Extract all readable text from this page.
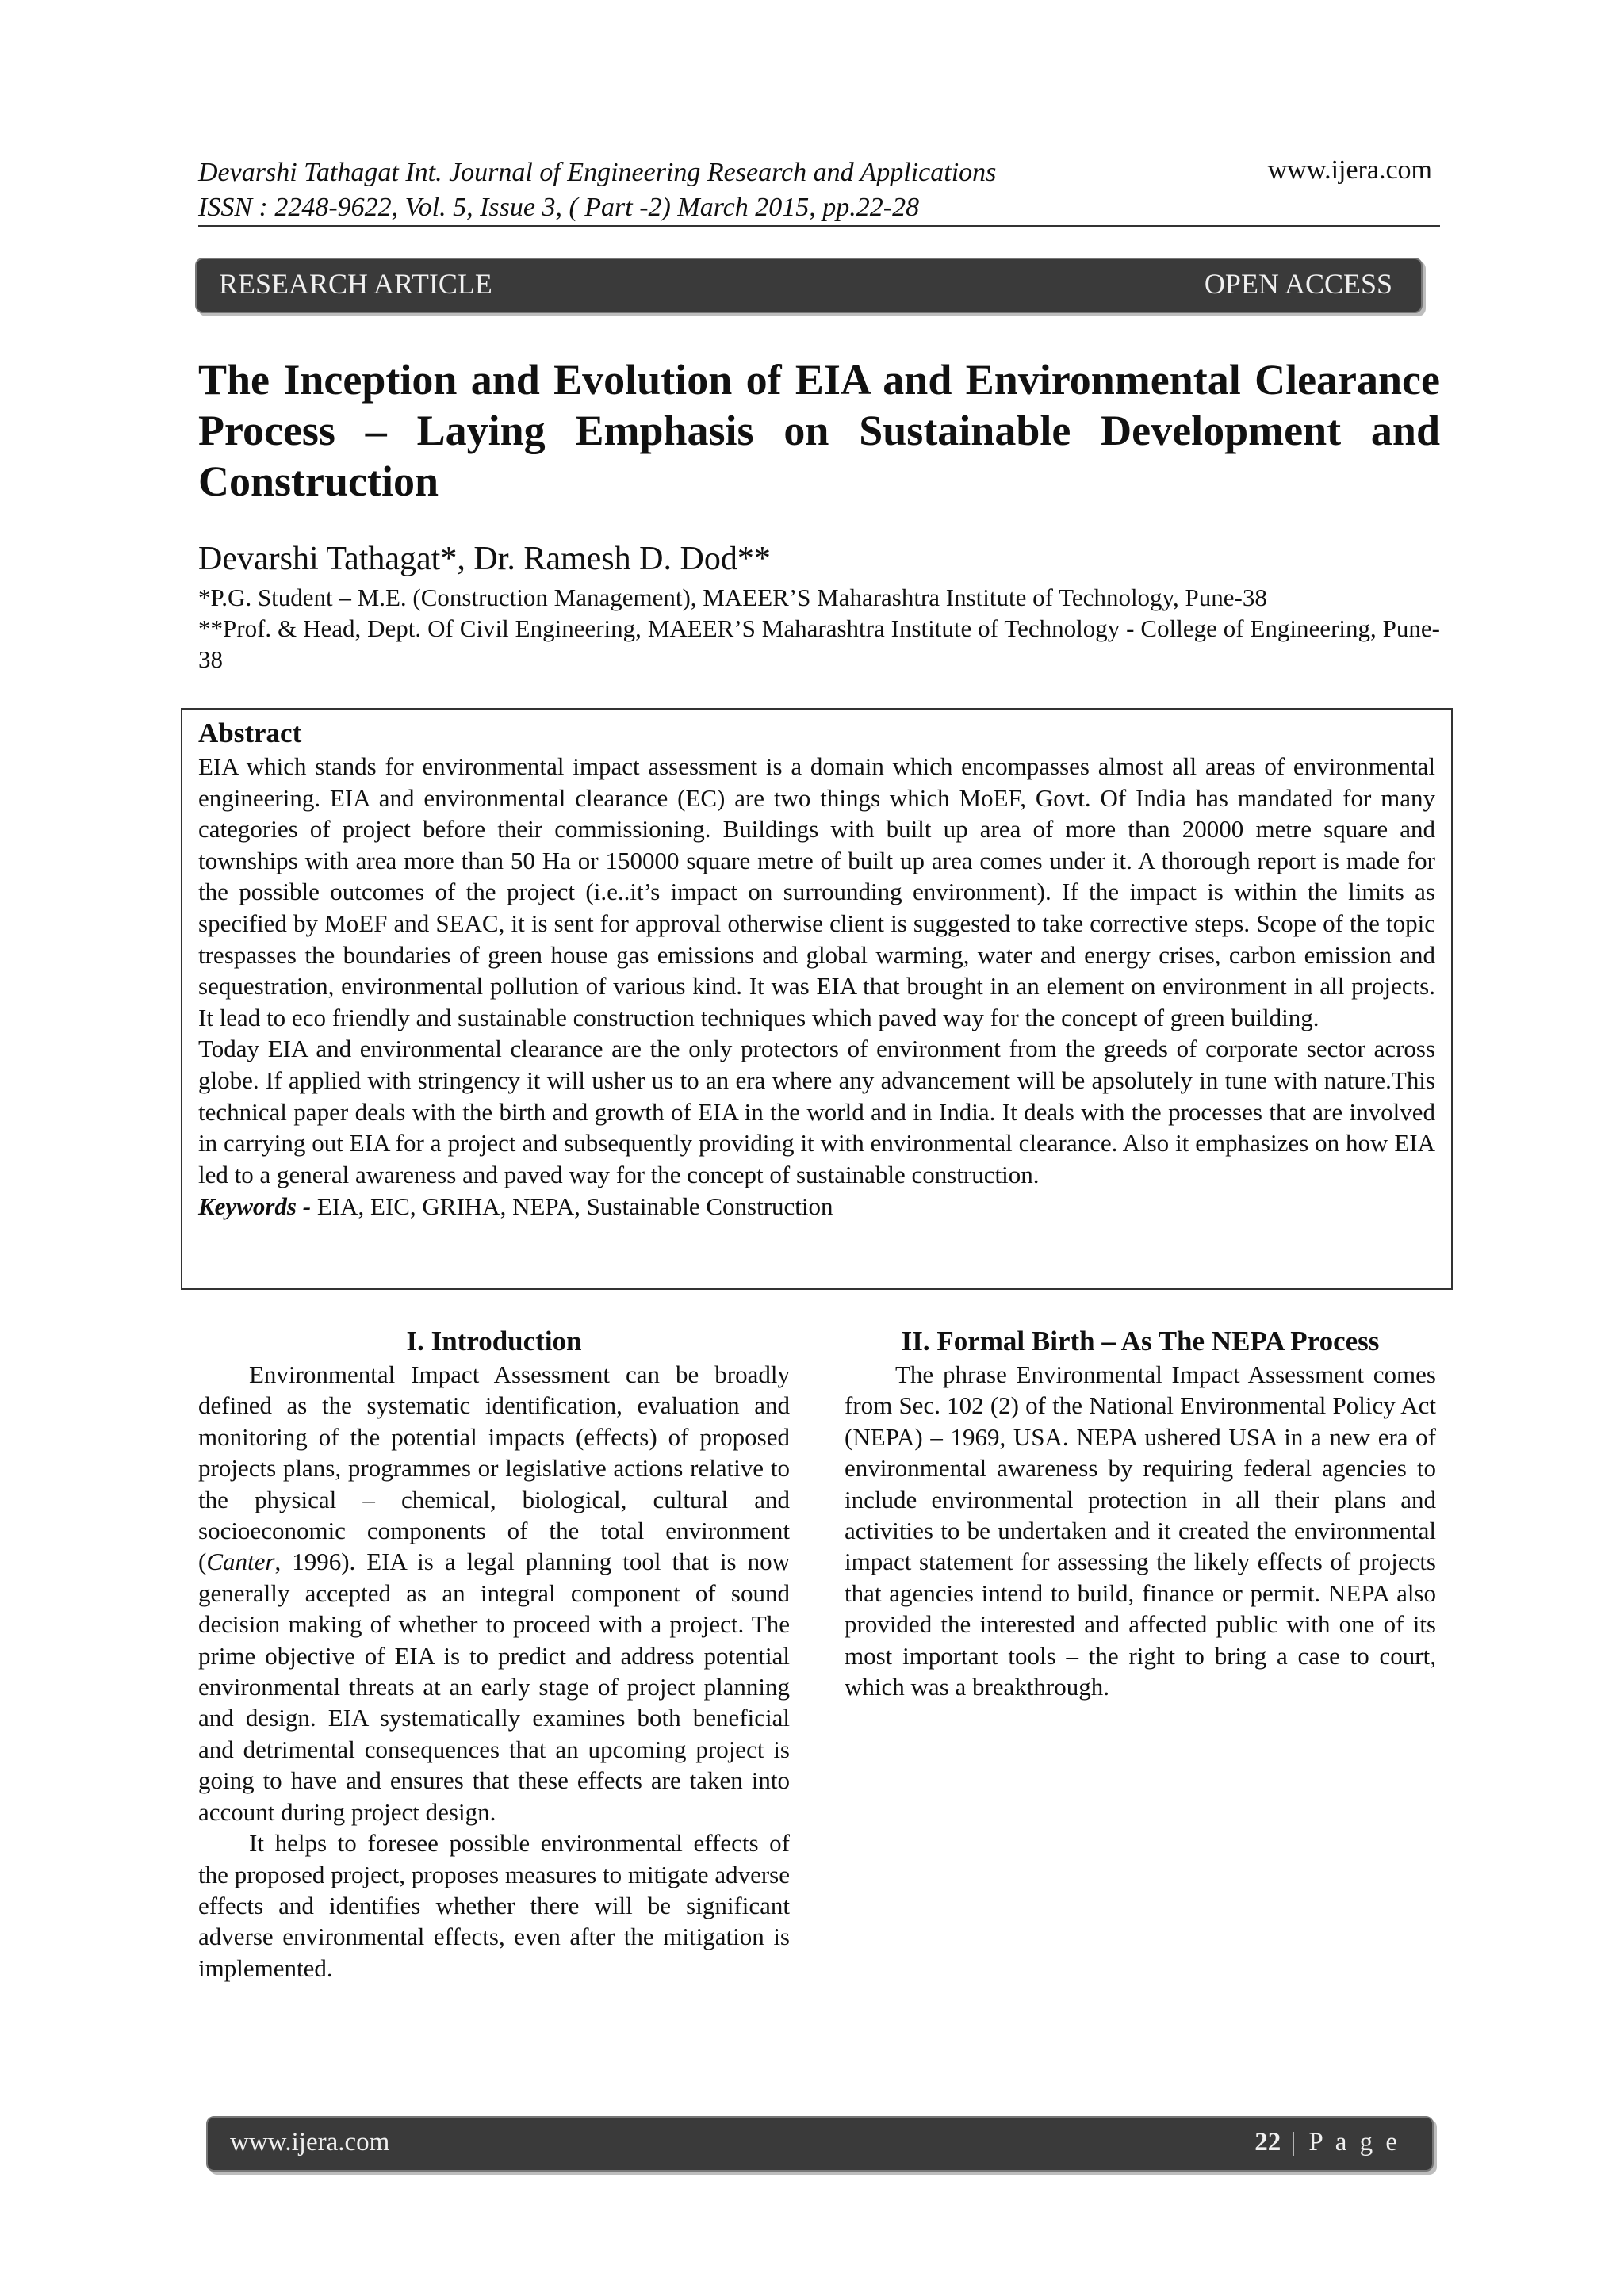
Devarshi Tathagat Int. Journal of Engineering Research and Applications
ISSN : 2248-9622, Vol. 5, Issue 3, ( Part -2) March 2015, pp.22-28
www.ijera.com
RESEARCH ARTICLE	OPEN ACCESS
The Inception and Evolution of EIA and Environmental Clearance Process – Laying Emphasis on Sustainable Development and Construction
Devarshi Tathagat*, Dr. Ramesh D. Dod**
*P.G. Student – M.E. (Construction Management), MAEER’S Maharashtra Institute of Technology, Pune-38
**Prof. & Head, Dept. Of Civil Engineering, MAEER’S Maharashtra Institute of Technology - College of Engineering, Pune-38
Abstract
EIA which stands for environmental impact assessment is a domain which encompasses almost all areas of environmental engineering. EIA and environmental clearance (EC) are two things which MoEF, Govt. Of India has mandated for many categories of project before their commissioning. Buildings with built up area of more than 20000 metre square and townships with area more than 50 Ha or 150000 square metre of built up area comes under it. A thorough report is made for the possible outcomes of the project (i.e..it’s impact on surrounding environment). If the impact is within the limits as specified by MoEF and SEAC, it is sent for approval otherwise client is suggested to take corrective steps. Scope of the topic trespasses the boundaries of green house gas emissions and global warming, water and energy crises, carbon emission and sequestration, environmental pollution of various kind. It was EIA that brought in an element on environment in all projects. It lead to eco friendly and sustainable construction techniques which paved way for the concept of green building.
Today EIA and environmental clearance are the only protectors of environment from the greeds of corporate sector across globe. If applied with stringency it will usher us to an era where any advancement will be apsolutely in tune with nature.This technical paper deals with the birth and growth of EIA in the world and in India. It deals with the processes that are involved in carrying out EIA for a project and subsequently providing it with environmental clearance. Also it emphasizes on how EIA led to a general awareness and paved way for the concept of sustainable construction.
Keywords - EIA, EIC, GRIHA, NEPA, Sustainable Construction
I. Introduction

Environmental Impact Assessment can be broadly defined as the systematic identification, evaluation and monitoring of the potential impacts (effects) of proposed projects plans, programmes or legislative actions relative to the physical – chemical, biological, cultural and socioeconomic components of the total environment (Canter, 1996). EIA is a legal planning tool that is now generally accepted as an integral component of sound decision making of whether to proceed with a project. The prime objective of EIA is to predict and address potential environmental threats at an early stage of project planning and design. EIA systematically examines both beneficial and detrimental consequences that an upcoming project is going to have and ensures that these effects are taken into account during project design.

It helps to foresee possible environmental effects of the proposed project, proposes measures to mitigate adverse effects and identifies whether there will be significant adverse environmental effects, even after the mitigation is implemented.

II. Formal Birth – As The NEPA Process

The phrase Environmental Impact Assessment comes from Sec. 102 (2) of the National Environmental Policy Act (NEPA) – 1969, USA. NEPA ushered USA in a new era of environmental awareness by requiring federal agencies to include environmental protection in all their plans and activities to be undertaken and it created the environmental impact statement for assessing the likely effects of projects that agencies intend to build, finance or permit. NEPA also provided the interested and affected public with one of its most important tools – the right to bring a case to court, which was a breakthrough.

www.ijera.com	22 | P a g e
